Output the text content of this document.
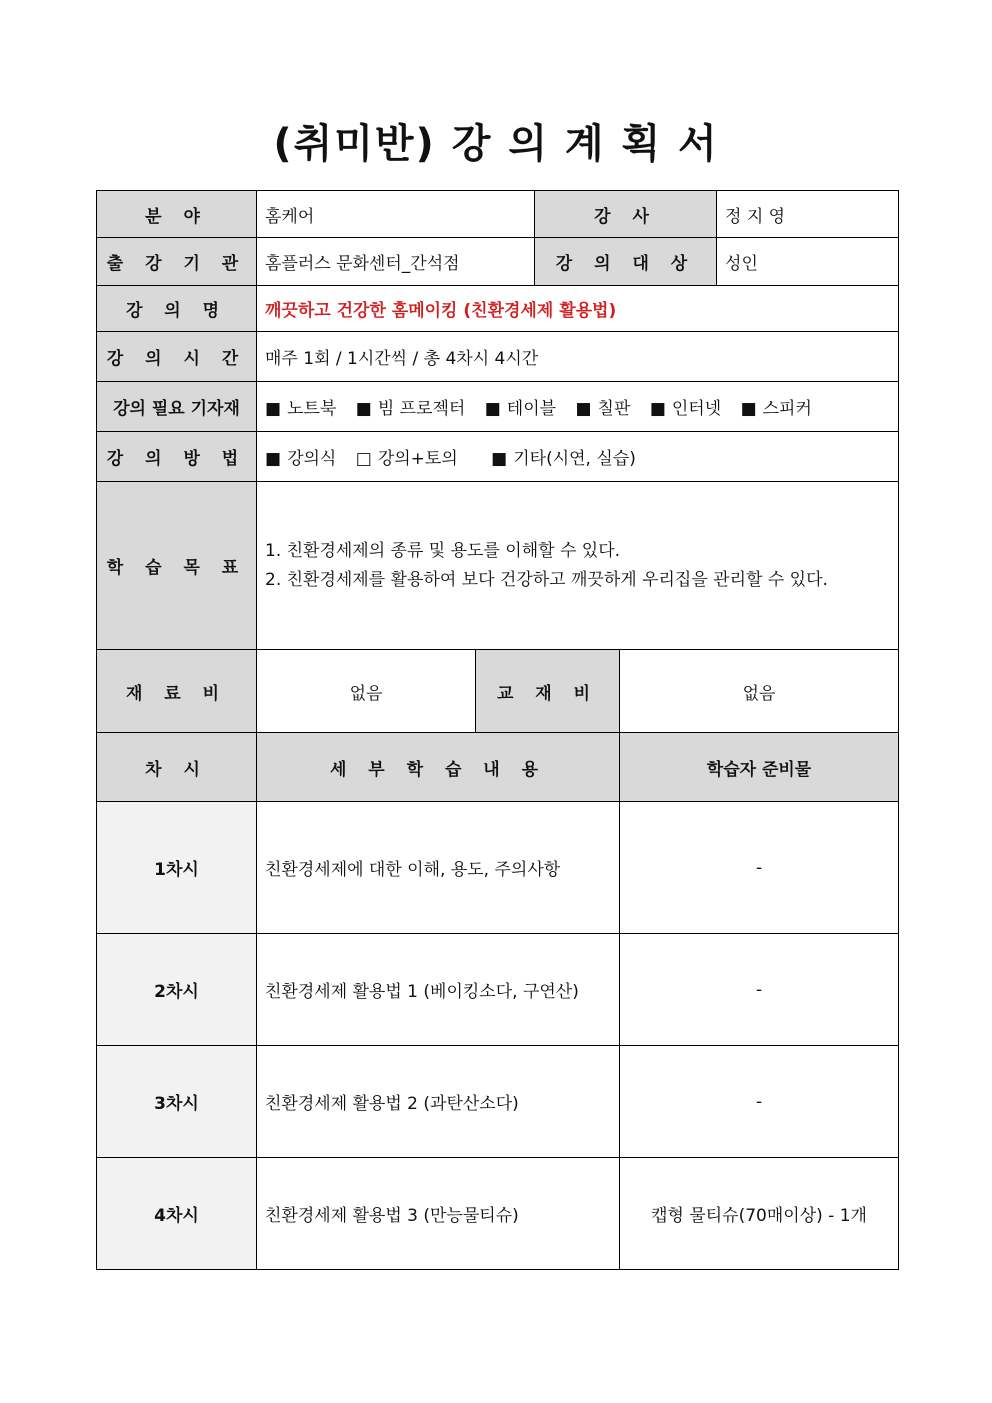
(취미반) 강 의 계 획 서
분 야	홈케어		강 사		정 지 영
출 강 기 관	홈플러스 문화센터_간석점		강 의 대 상		성인
강 의 명	깨끗하고 건강한 홈메이킹 (친환경세제 활용법)				
강 의 시 간	매주 1회 / 1시간씩 / 총 4차시 4시간				
강의 필요 기자재	■ 노트북 ■ 빔 프로젝터 ■ 테이블 ■ 칠판 ■ 인터넷 ■ 스피커				
강 의 방 법	■ 강의식 □ 강의+토의 ■ 기타(시연, 실습)				
학 습 목 표	1. 친환경세제의 종류 및 용도를 이해할 수 있다.
2. 친환경세제를 활용하여 보다 건강하고 깨끗하게 우리집을 관리할 수 있다.				

재 료 비	없음	교 재 비		없음	
차 시	세 부 학 습 내 용			학습자 준비물	
1차시	친환경세제에 대한 이해, 용도, 주의사항			-	
2차시	친환경세제 활용법 1 (베이킹소다, 구연산)			-	
3차시	친환경세제 활용법 2 (과탄산소다)			-	
4차시	친환경세제 활용법 3 (만능물티슈)			캡형 물티슈(70매이상) - 1개	
